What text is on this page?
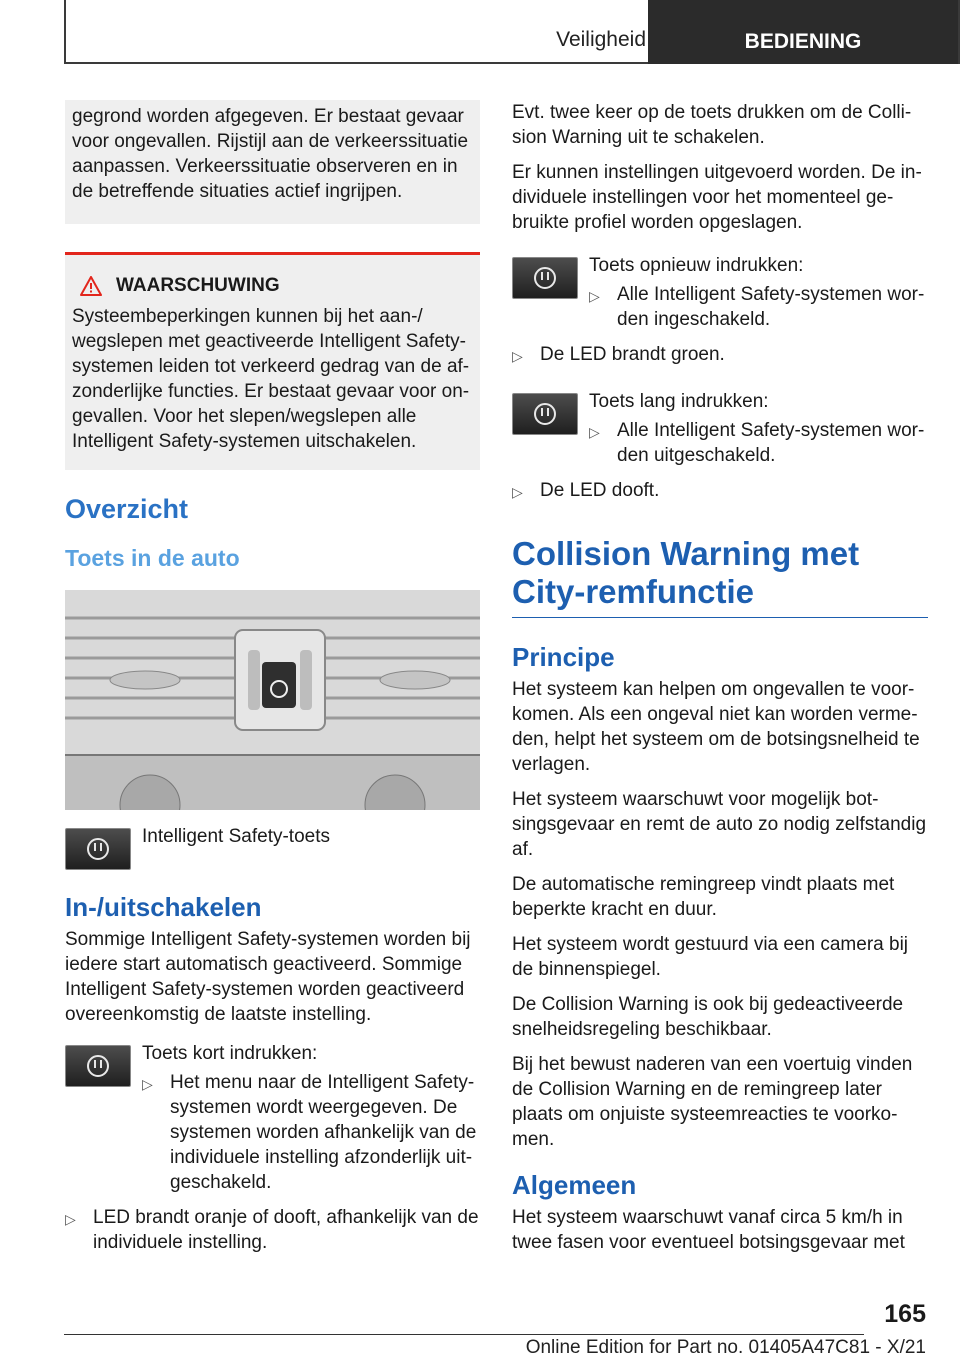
Veiligheid	BEDIENING
gegrond worden afgegeven. Er bestaat gevaar voor ongevallen. Rijstijl aan de verkeerssituatie aanpassen. Verkeerssituatie observeren en in de betreffende situaties actief ingrijpen.
WAARSCHUWING
Systeembeperkingen kunnen bij het aan-/ wegslepen met geactiveerde Intelligent Safety-systemen leiden tot verkeerd gedrag van de af-zonderlijke functies. Er bestaat gevaar voor on-gevallen. Voor het slepen/wegslepen alle Intelligent Safety-systemen uitschakelen.
Overzicht
Toets in de auto
Intelligent Safety-toets
In-/uitschakelen

Sommige Intelligent Safety-systemen worden bij iedere start automatisch geactiveerd. Sommige Intelligent Safety-systemen worden geactiveerd overeenkomstig de laatste instelling.

Toets kort indrukken:
▷ Het menu naar de Intelligent Safety-systemen wordt weergegeven. De systemen worden afhankelijk van de individuele instelling afzonderlijk uit-geschakeld.
▷ LED brandt oranje of dooft, afhankelijk van de individuele instelling.

Evt. twee keer op de toets drukken om de Colli-sion Warning uit te schakelen.

Er kunnen instellingen uitgevoerd worden. De in-dividuele instellingen voor het momenteel ge-bruikte profiel worden opgeslagen.

Toets opnieuw indrukken:
▷ Alle Intelligent Safety-systemen wor-den ingeschakeld.
▷ De LED brandt groen.
Toets lang indrukken:
▷ Alle Intelligent Safety-systemen wor-den uitgeschakeld.
▷ De LED dooft.
Collision Warning met City-remfunctie
Principe

Het systeem kan helpen om ongevallen te voor-komen. Als een ongeval niet kan worden verme-den, helpt het systeem om de botsingsnelheid te verlagen.

Het systeem waarschuwt voor mogelijk bot-singsgevaar en remt de auto zo nodig zelfstandig af.

De automatische remingreep vindt plaats met beperkte kracht en duur.

Het systeem wordt gestuurd via een camera bij de binnenspiegel.

De Collision Warning is ook bij gedeactiveerde snelheidsregeling beschikbaar.

Bij het bewust naderen van een voertuig vinden de Collision Warning en de remingreep later plaats om onjuiste systeemreacties te voorko-men.

Algemeen

Het systeem waarschuwt vanaf circa 5 km/h in twee fasen voor eventueel botsingsgevaar met

165
Online Edition for Part no. 01405A47C81 - X/21
